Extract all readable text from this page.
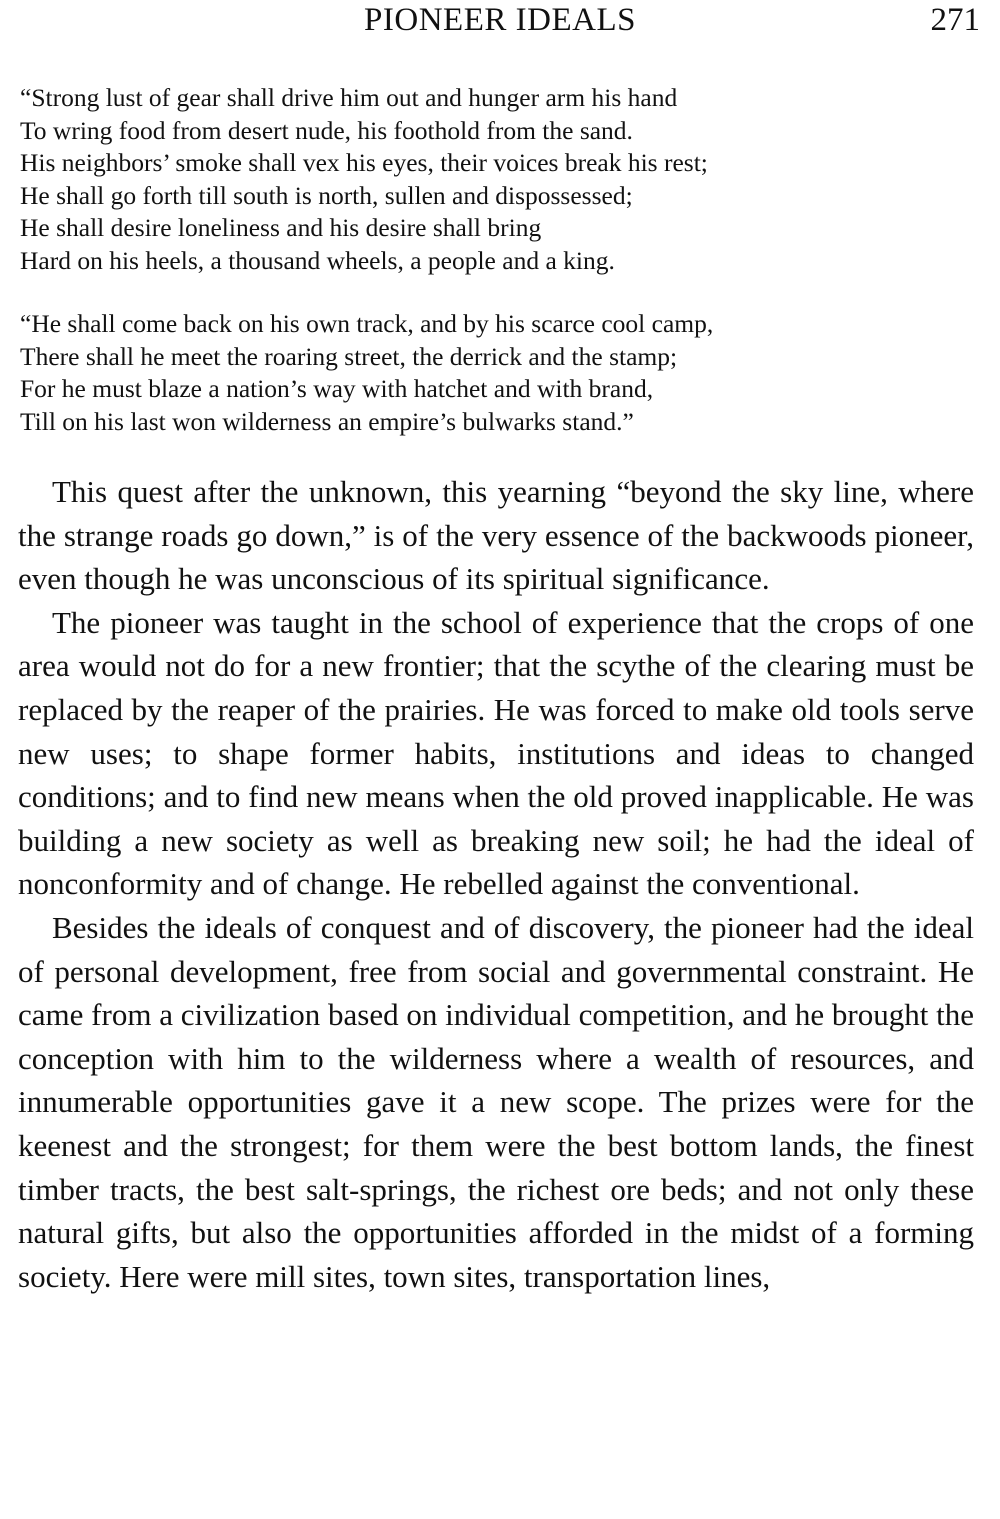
PIONEER IDEALS	271
“Strong lust of gear shall drive him out and hunger arm his hand
To wring food from desert nude, his foothold from the sand.
His neighbors’ smoke shall vex his eyes, their voices break his rest;
He shall go forth till south is north, sullen and dispossessed;
He shall desire loneliness and his desire shall bring
Hard on his heels, a thousand wheels, a people and a king.
“He shall come back on his own track, and by his scarce cool camp,
There shall he meet the roaring street, the derrick and the stamp;
For he must blaze a nation’s way with hatchet and with brand,
Till on his last won wilderness an empire’s bulwarks stand.”

This quest after the unknown, this yearning “beyond the sky line, where the strange roads go down,” is of the very essence of the backwoods pioneer, even though he was unconscious of its spiritual significance.

The pioneer was taught in the school of experience that the crops of one area would not do for a new frontier; that the scythe of the clearing must be replaced by the reaper of the prairies. He was forced to make old tools serve new uses; to shape former habits, institutions and ideas to changed conditions; and to find new means when the old proved inapplicable. He was building a new society as well as breaking new soil; he had the ideal of nonconformity and of change. He rebelled against the conventional.

Besides the ideals of conquest and of discovery, the pioneer had the ideal of personal development, free from social and governmental constraint. He came from a civilization based on individual competition, and he brought the conception with him to the wilderness where a wealth of resources, and innumerable opportunities gave it a new scope. The prizes were for the keenest and the strongest; for them were the best bottom lands, the finest timber tracts, the best salt-springs, the richest ore beds; and not only these natural gifts, but also the opportunities afforded in the midst of a forming society. Here were mill sites, town sites, transportation lines,
